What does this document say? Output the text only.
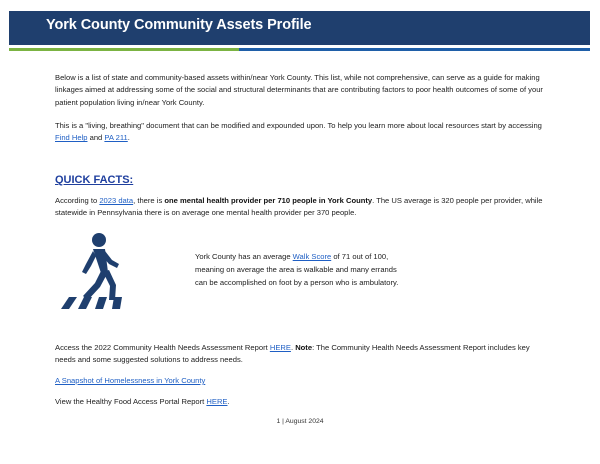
York County Community Assets Profile
Below is a list of state and community-based assets within/near York County. This list, while not comprehensive, can serve as a guide for making linkages aimed at addressing some of the social and structural determinants that are contributing factors to poor health outcomes of some of your patient population living in/near York County.
This is a "living, breathing" document that can be modified and expounded upon. To help you learn more about local resources start by accessing Find Help and PA 211.
QUICK FACTS:
According to 2023 data, there is one mental health provider per 710 people in York County. The US average is 320 people per provider, while statewide in Pennsylvania there is on average one mental health provider per 370 people.
York County has an average Walk Score of 71 out of 100, meaning on average the area is walkable and many errands can be accomplished on foot by a person who is ambulatory.
Access the 2022 Community Health Needs Assessment Report HERE. Note: The Community Health Needs Assessment Report includes key needs and some suggested solutions to address needs.
A Snapshot of Homelessness in York County
View the Healthy Food Access Portal Report HERE.
1 | August 2024
